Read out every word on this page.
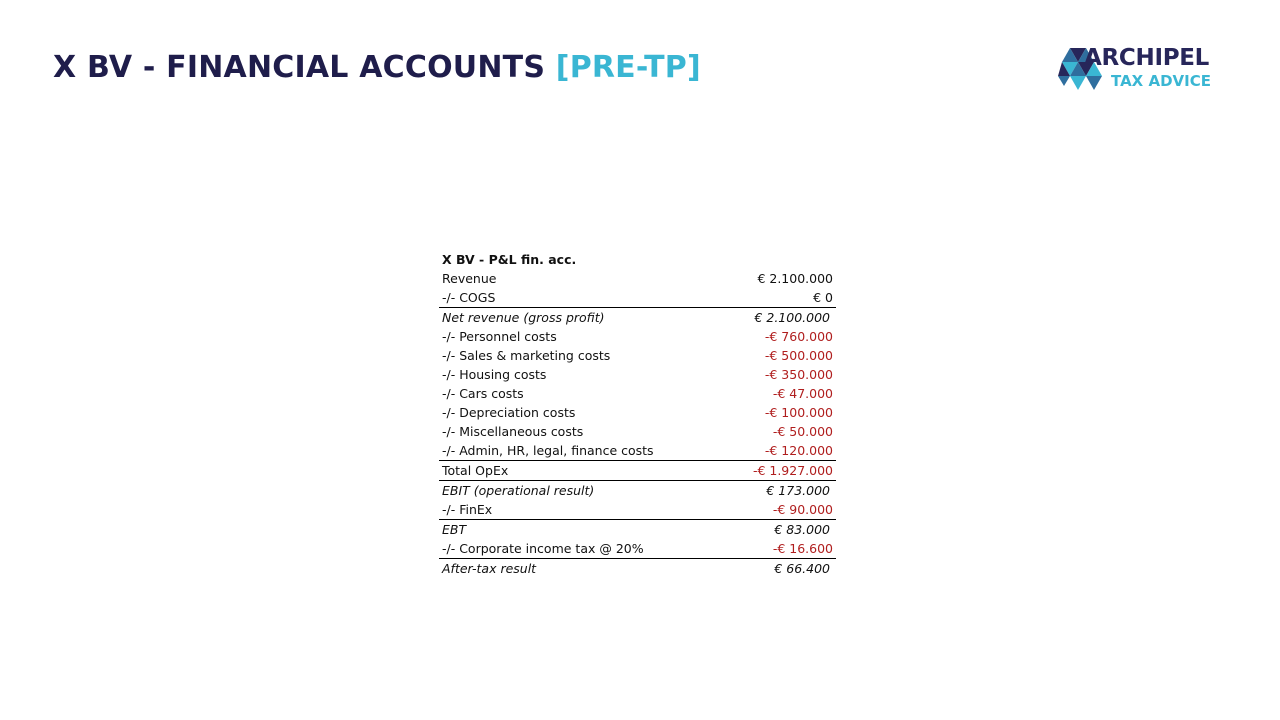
X BV - FINANCIAL ACCOUNTS [PRE-TP]	ARCHIPEL
TAX ADVICE
X BV - P&L fin. acc.	
Revenue	€ 2.100.000
-/- COGS	€ 0
Net revenue (gross profit)	€ 2.100.000
-/- Personnel costs	-€ 760.000
-/- Sales & marketing costs	-€ 500.000
-/- Housing costs	-€ 350.000
-/- Cars costs	-€ 47.000
-/- Depreciation costs	-€ 100.000
-/- Miscellaneous costs	-€ 50.000
-/- Admin, HR, legal, finance costs	-€ 120.000
Total OpEx	-€ 1.927.000
EBIT (operational result)	€ 173.000
-/- FinEx	-€ 90.000
EBT	€ 83.000
-/- Corporate income tax @ 20%	-€ 16.600
After-tax result	€ 66.400
